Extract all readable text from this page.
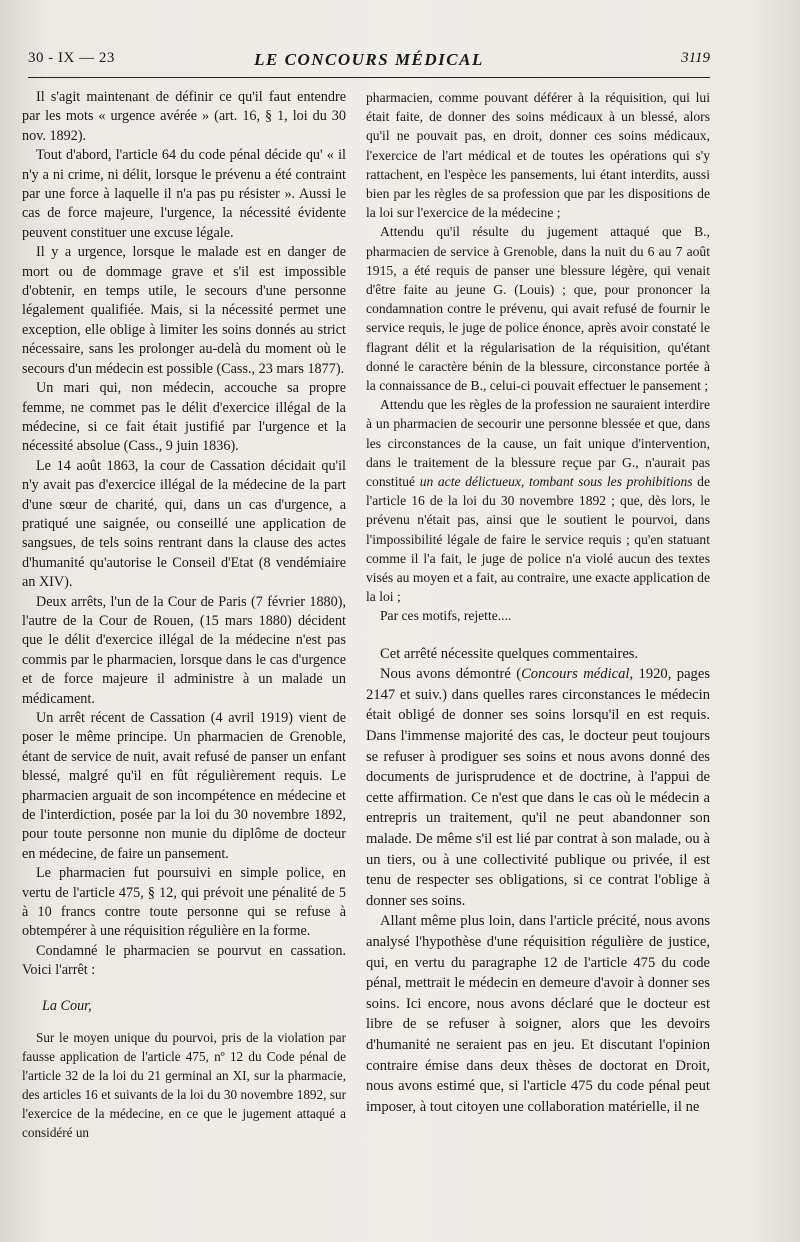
30 - IX — 23	LE CONCOURS MÉDICAL	3119

Il s'agit maintenant de définir ce qu'il faut entendre par les mots « urgence avérée » (art. 16, § 1, loi du 30 nov. 1892).

Tout d'abord, l'article 64 du code pénal décide qu' « il n'y a ni crime, ni délit, lorsque le prévenu a été contraint par une force à laquelle il n'a pas pu résister ». Aussi le cas de force majeure, l'urgence, la nécessité évidente peuvent constituer une excuse légale.

Il y a urgence, lorsque le malade est en danger de mort ou de dommage grave et s'il est impossible d'obtenir, en temps utile, le secours d'une personne légalement qualifiée. Mais, si la nécessité permet une exception, elle oblige à limiter les soins donnés au strict nécessaire, sans les prolonger au-delà du moment où le secours d'un médecin est possible (Cass., 23 mars 1877).

Un mari qui, non médecin, accouche sa propre femme, ne commet pas le délit d'exercice illégal de la médecine, si ce fait était justifié par l'urgence et la nécessité absolue (Cass., 9 juin 1836).

Le 14 août 1863, la cour de Cassation décidait qu'il n'y avait pas d'exercice illégal de la médecine de la part d'une sœur de charité, qui, dans un cas d'urgence, a pratiqué une saignée, ou conseillé une application de sangsues, de tels soins rentrant dans la clause des actes d'humanité qu'autorise le Conseil d'Etat (8 vendémiaire an XIV).

Deux arrêts, l'un de la Cour de Paris (7 février 1880), l'autre de la Cour de Rouen, (15 mars 1880) décident que le délit d'exercice illégal de la médecine n'est pas commis par le pharmacien, lorsque dans le cas d'urgence et de force majeure il administre à un malade un médicament.

Un arrêt récent de Cassation (4 avril 1919) vient de poser le même principe. Un pharmacien de Grenoble, étant de service de nuit, avait refusé de panser un enfant blessé, malgré qu'il en fût régulièrement requis. Le pharmacien arguait de son incompétence en médecine et de l'interdiction, posée par la loi du 30 novembre 1892, pour toute personne non munie du diplôme de docteur en médecine, de faire un pansement.

Le pharmacien fut poursuivi en simple police, en vertu de l'article 475, § 12, qui prévoit une pénalité de 5 à 10 francs contre toute personne qui se refuse à obtempérer à une réquisition régulière en la forme.

Condamné le pharmacien se pourvut en cassation. Voici l'arrêt :

La Cour,

Sur le moyen unique du pourvoi, pris de la violation par fausse application de l'article 475, nº 12 du Code pénal de l'article 32 de la loi du 21 germinal an XI, sur la pharmacie, des articles 16 et suivants de la loi du 30 novembre 1892, sur l'exercice de la médecine, en ce que le jugement attaqué a considéré un

pharmacien, comme pouvant déférer à la réquisition, qui lui était faite, de donner des soins médicaux à un blessé, alors qu'il ne pouvait pas, en droit, donner ces soins médicaux, l'exercice de l'art médical et de toutes les opérations qui s'y rattachent, en l'espèce les pansements, lui étant interdits, aussi bien par les règles de sa profession que par les dispositions de la loi sur l'exercice de la médecine ;

Attendu qu'il résulte du jugement attaqué que B., pharmacien de service à Grenoble, dans la nuit du 6 au 7 août 1915, a été requis de panser une blessure légère, qui venait d'être faite au jeune G. (Louis) ; que, pour prononcer la condamnation contre le prévenu, qui avait refusé de fournir le service requis, le juge de police énonce, après avoir constaté le flagrant délit et la régularisation de la réquisition, qu'étant donné le caractère bénin de la blessure, circonstance portée à la connaissance de B., celui-ci pouvait effectuer le pansement ;

Attendu que les règles de la profession ne sauraient interdire à un pharmacien de secourir une personne blessée et que, dans les circonstances de la cause, un fait unique d'intervention, dans le traitement de la blessure reçue par G., n'aurait pas constitué un acte délictueux, tombant sous les prohibitions de l'article 16 de la loi du 30 novembre 1892 ; que, dès lors, le prévenu n'était pas, ainsi que le soutient le pourvoi, dans l'impossibilité légale de faire le service requis ; qu'en statuant comme il l'a fait, le juge de police n'a violé aucun des textes visés au moyen et a fait, au contraire, une exacte application de la loi ;

Par ces motifs, rejette....

Cet arrêté nécessite quelques commentaires.

Nous avons démontré (Concours médical, 1920, pages 2147 et suiv.) dans quelles rares circonstances le médecin était obligé de donner ses soins lorsqu'il en est requis. Dans l'immense majorité des cas, le docteur peut toujours se refuser à prodiguer ses soins et nous avons donné des documents de jurisprudence et de doctrine, à l'appui de cette affirmation. Ce n'est que dans le cas où le médecin a entrepris un traitement, qu'il ne peut abandonner son malade. De même s'il est lié par contrat à son malade, ou à un tiers, ou à une collectivité publique ou privée, il est tenu de respecter ses obligations, si ce contrat l'oblige à donner ses soins.

Allant même plus loin, dans l'article précité, nous avons analysé l'hypothèse d'une réquisition régulière de justice, qui, en vertu du paragraphe 12 de l'article 475 du code pénal, mettrait le médecin en demeure d'avoir à donner ses soins. Ici encore, nous avons déclaré que le docteur est libre de se refuser à soigner, alors que les devoirs d'humanité ne seraient pas en jeu. Et discutant l'opinion contraire émise dans deux thèses de doctorat en Droit, nous avons estimé que, si l'article 475 du code pénal peut imposer, à tout citoyen une collaboration matérielle, il ne
